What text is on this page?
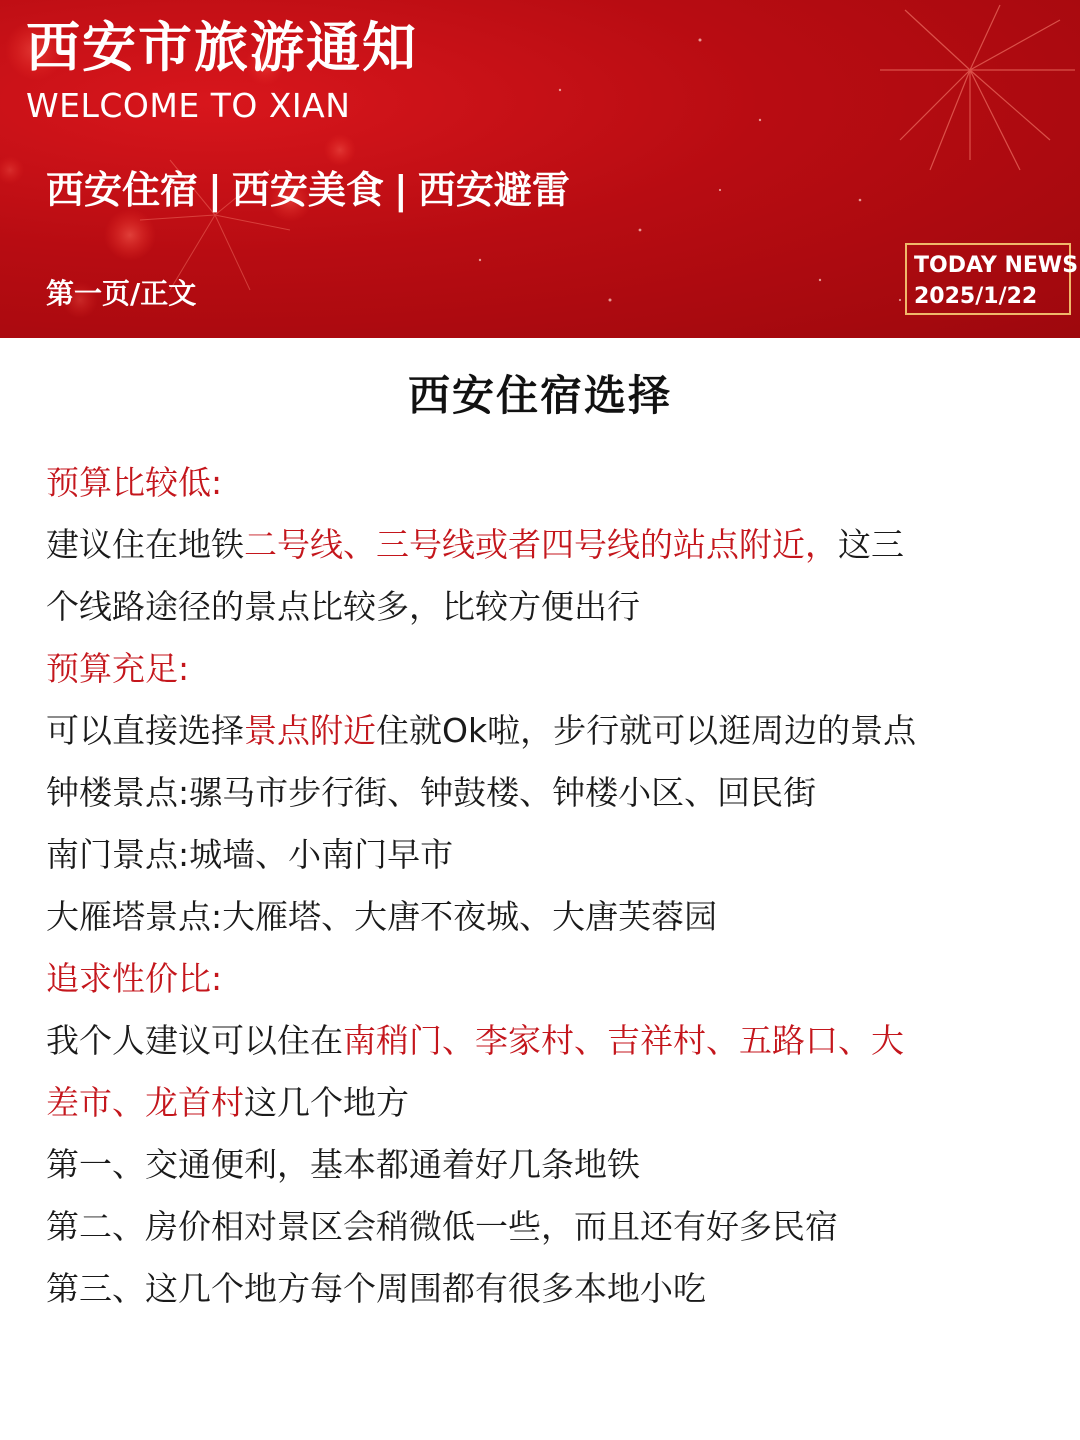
西安市旅游通知
WELCOME TO XIAN
西安住宿 | 西安美食 | 西安避雷
第一页/正文
TODAY NEWS
2025/1/22
西安住宿选择
预算比较低:
建议住在地铁二号线、三号线或者四号线的站点附近，这三
个线路途径的景点比较多，比较方便出行
预算充足:
可以直接选择景点附近住就Ok啦，步行就可以逛周边的景点
钟楼景点:骡马市步行街、钟鼓楼、钟楼小区、回民街
南门景点:城墙、小南门早市
大雁塔景点:大雁塔、大唐不夜城、大唐芙蓉园
追求性价比:
我个人建议可以住在南稍门、李家村、吉祥村、五路口、大
差市、龙首村这几个地方
第一、交通便利，基本都通着好几条地铁
第二、房价相对景区会稍微低一些，而且还有好多民宿
第三、这几个地方每个周围都有很多本地小吃
